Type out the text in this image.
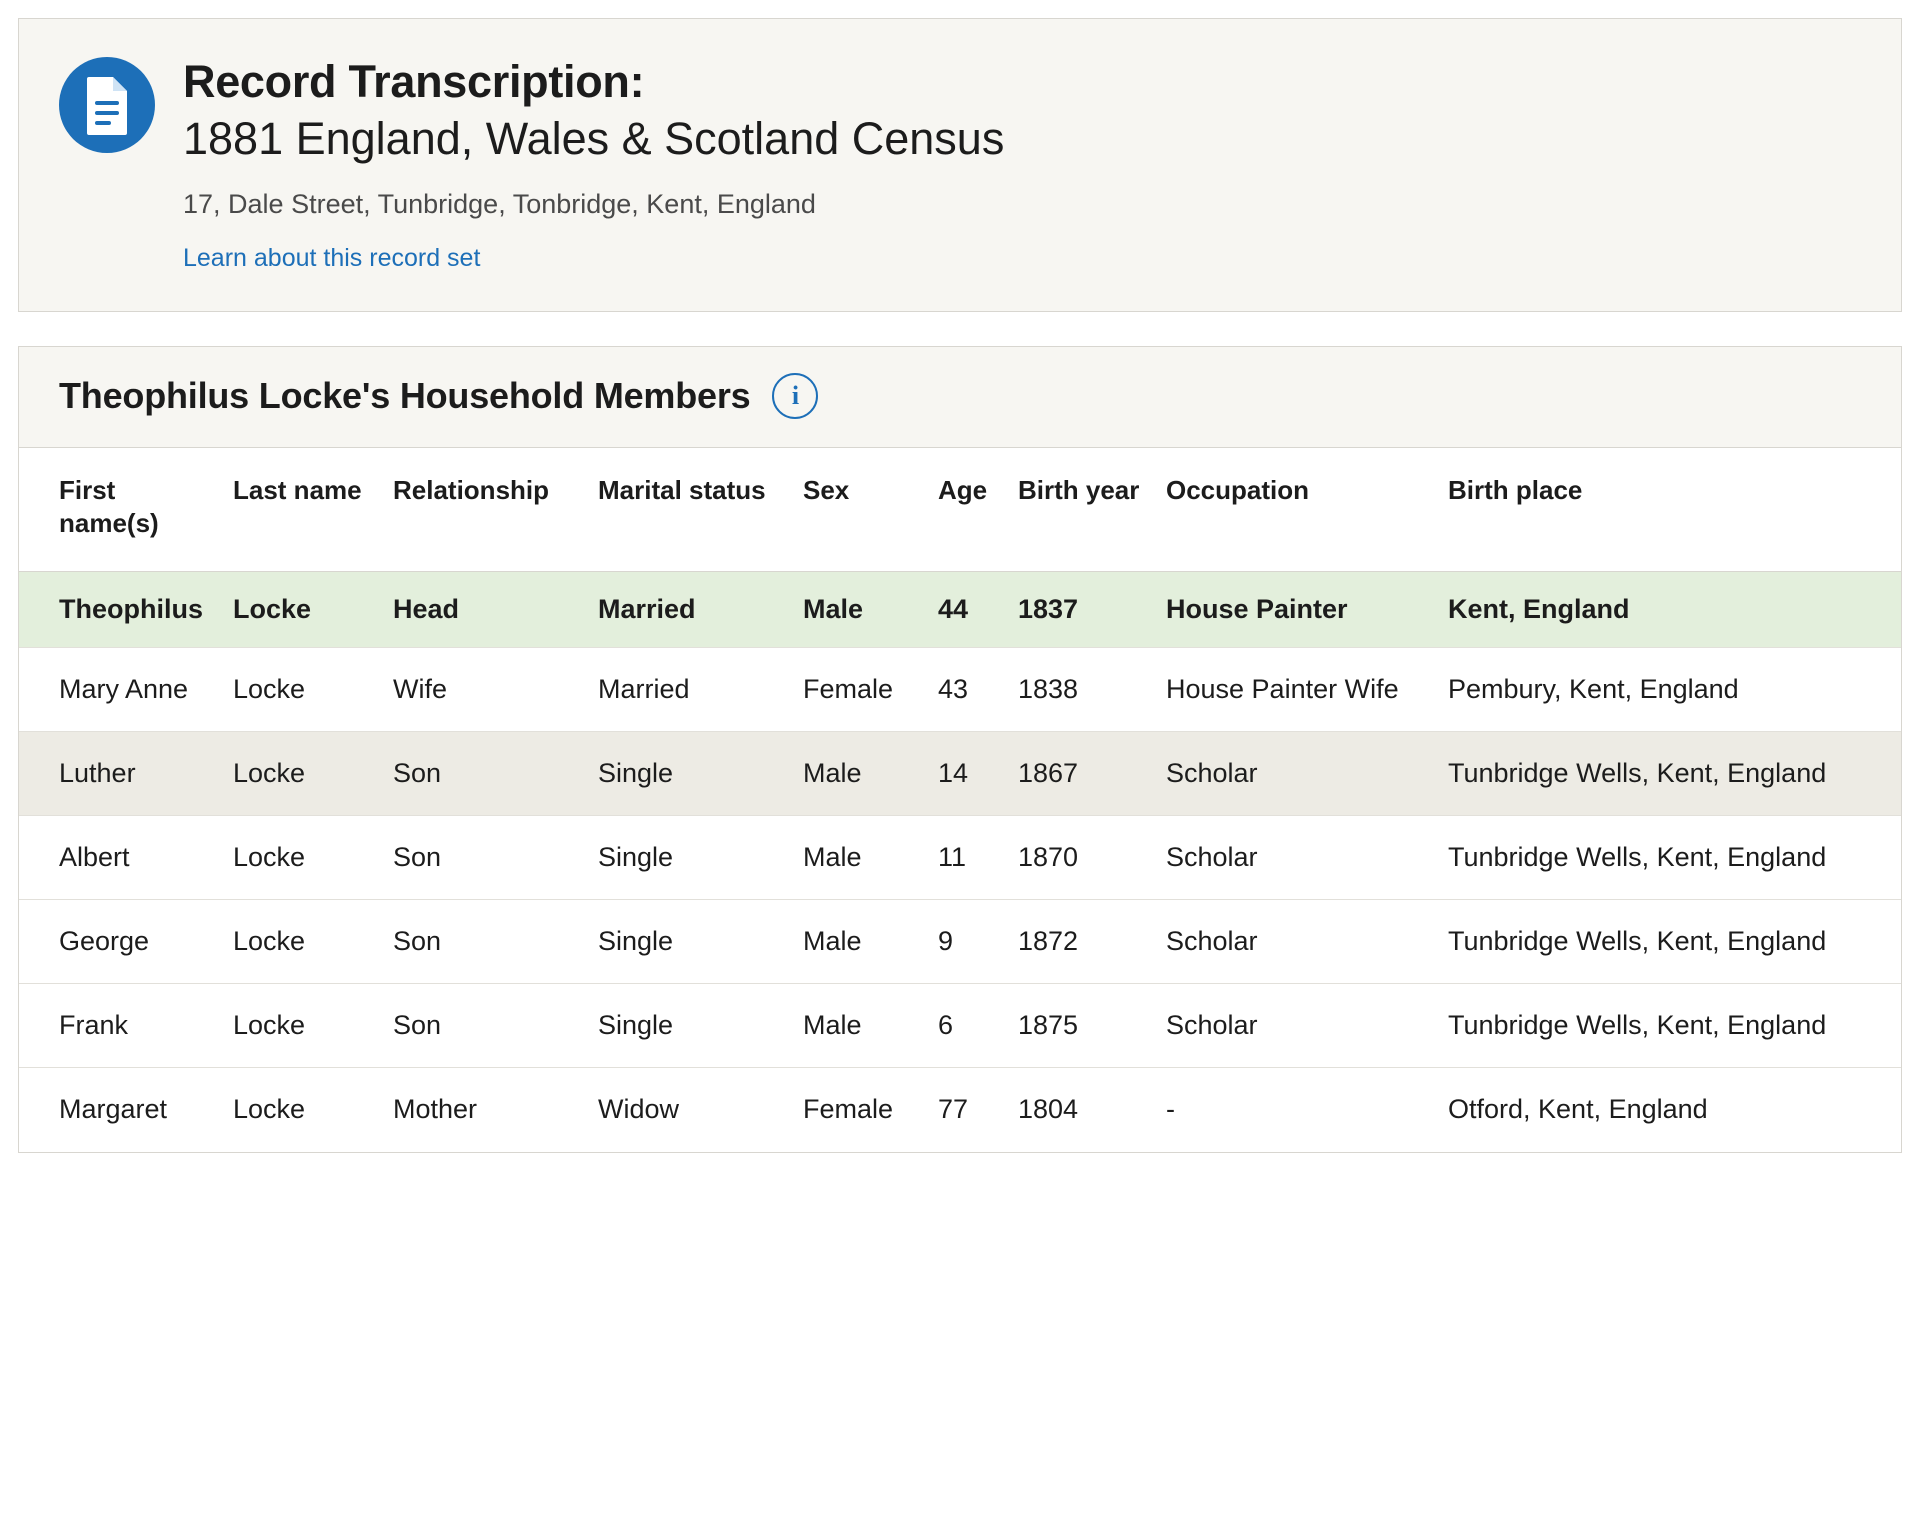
Record Transcription:
1881 England, Wales & Scotland Census
17, Dale Street, Tunbridge, Tonbridge, Kent, England
Learn about this record set
Theophilus Locke's Household Members	i
First name(s)	Last name	Relationship	Marital status	Sex	Age	Birth year	Occupation	Birth place
Theophilus	Locke	Head	Married	Male	44	1837	House Painter	Kent, England
Mary Anne	Locke	Wife	Married	Female	43	1838	House Painter Wife	Pembury, Kent, England
Luther	Locke	Son	Single	Male	14	1867	Scholar	Tunbridge Wells, Kent, England
Albert	Locke	Son	Single	Male	11	1870	Scholar	Tunbridge Wells, Kent, England
George	Locke	Son	Single	Male	9	1872	Scholar	Tunbridge Wells, Kent, England
Frank	Locke	Son	Single	Male	6	1875	Scholar	Tunbridge Wells, Kent, England
Margaret	Locke	Mother	Widow	Female	77	1804	-	Otford, Kent, England
